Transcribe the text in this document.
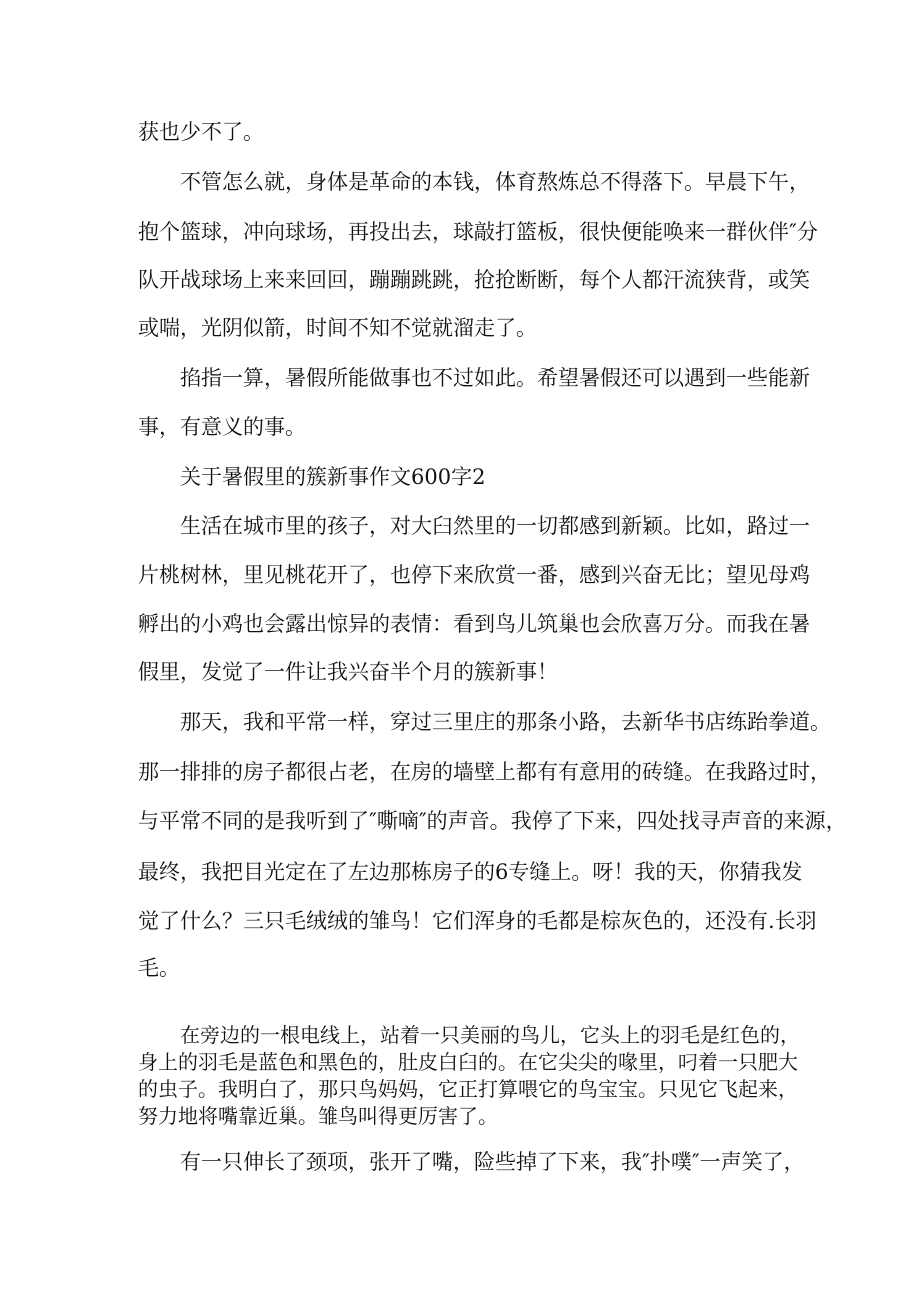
获也少不了。
不管怎么就，身体是革命的本钱，体育熬炼总不得落下。早晨下午，
抱个篮球，冲向球场，再投出去，球敲打篮板，很快便能唤来一群伙伴″分
队开战球场上来来回回，蹦蹦跳跳，抢抢断断，每个人都汗流狭背，或笑
或喘，光阴似箭，时间不知不觉就溜走了。
掐指一算，暑假所能做事也不过如此。希望暑假还可以遇到一些能新
事，有意义的事。
关于暑假里的簇新事作文600字2
生活在城市里的孩子，对大臼然里的一切都感到新颖。比如，路过一
片桃树林，里见桃花开了，也停下来欣赏一番，感到兴奋无比；望见母鸡
孵出的小鸡也会露出惊异的表情：看到鸟儿筑巢也会欣喜万分。而我在暑
假里，发觉了一件让我兴奋半个月的簇新事！
那天，我和平常一样，穿过三里庄的那条小路，去新华书店练跆拳道。
那一排排的房子都很占老，在房的墙壁上都有有意用的砖缝。在我路过时，
与平常不同的是我听到了″嘶嘀″的声音。我停了下来，四处找寻声音的来源，
最终，我把目光定在了左边那栋房子的6专缝上。呀！我的天，你猜我发
觉了什么？三只毛绒绒的雏鸟！它们浑身的毛都是棕灰色的，还没有.长羽
毛。
在旁边的一根电线上，站着一只美丽的鸟儿，它头上的羽毛是红色的，
身上的羽毛是蓝色和黑色的，肚皮白臼的。在它尖尖的喙里，叼着一只肥大
的虫子。我明白了，那只鸟妈妈，它正打算喂它的鸟宝宝。只见它飞起来，
努力地将嘴靠近巢。雏鸟叫得更厉害了。
有一只伸长了颈项，张开了嘴，险些掉了下来，我″扑噗″一声笑了，
